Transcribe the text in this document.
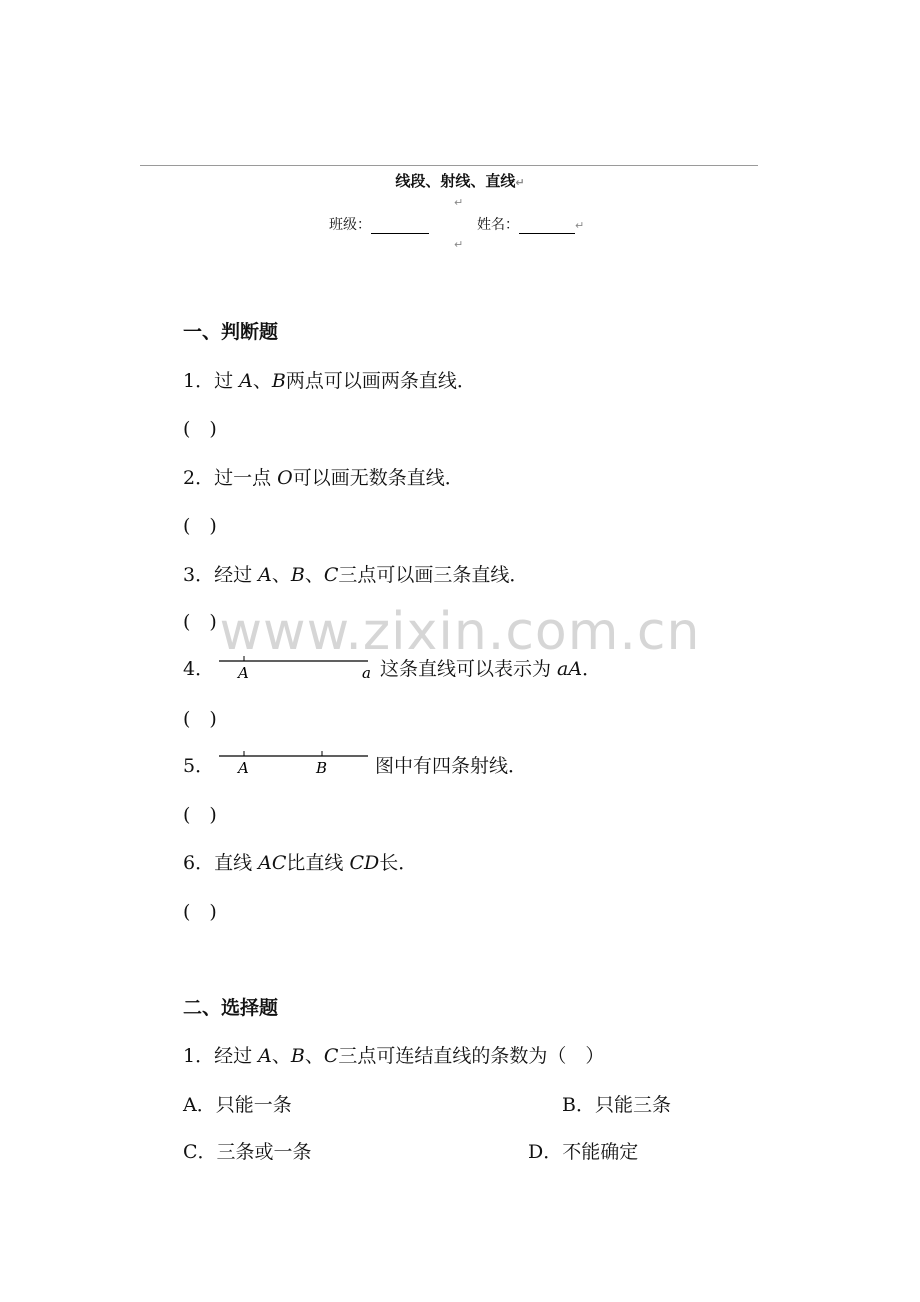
线段、射线、直线↵
↵
班级：	姓名：	↵
↵
www.zixin.com.cn
一、判断题
1．过 A、B两点可以画两条直线．
(　)
2．过一点 O可以画无数条直线．
(　)
3．经过 A、B、C三点可以画三条直线．
(　)
4． A	a 这条直线可以表示为 aA．
(　)
5． A	B	图中有四条射线．
(　)
6．直线 AC比直线 CD长．
(　)
二、选择题
1．经过 A、B、C三点可连结直线的条数为（　）
A．只能一条	B．只能三条
C．三条或一条	D．不能确定
